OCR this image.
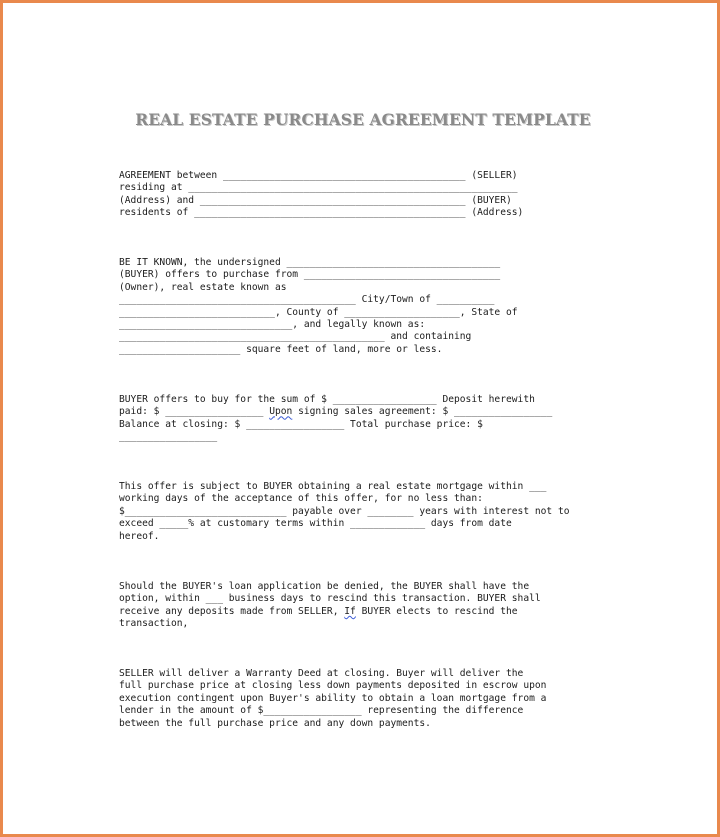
REAL ESTATE PURCHASE AGREEMENT TEMPLATE
AGREEMENT between __________________________________________ (SELLER)
residing at _________________________________________________________
(Address) and ______________________________________________ (BUYER)
residents of _______________________________________________ (Address)
BE IT KNOWN, the undersigned _____________________________________
(BUYER) offers to purchase from __________________________________
(Owner), real estate known as
_________________________________________ City/Town of __________
___________________________, County of ____________________, State of
______________________________, and legally known as:
______________________________________________ and containing
_____________________ square feet of land, more or less.
BUYER offers to buy for the sum of $ __________________ Deposit herewith
paid: $ _________________ Upon signing sales agreement: $ _________________
Balance at closing: $ _________________ Total purchase price: $
_________________
This offer is subject to BUYER obtaining a real estate mortgage within ___
working days of the acceptance of this offer, for no less than:
$____________________________ payable over ________ years with interest not to
exceed _____% at customary terms within _____________ days from date
hereof.
Should the BUYER's loan application be denied, the BUYER shall have the
option, within ___ business days to rescind this transaction. BUYER shall
receive any deposits made from SELLER, If BUYER elects to rescind the
transaction,
SELLER will deliver a Warranty Deed at closing. Buyer will deliver the
full purchase price at closing less down payments deposited in escrow upon
execution contingent upon Buyer's ability to obtain a loan mortgage from a
lender in the amount of $_________________ representing the difference
between the full purchase price and any down payments.
